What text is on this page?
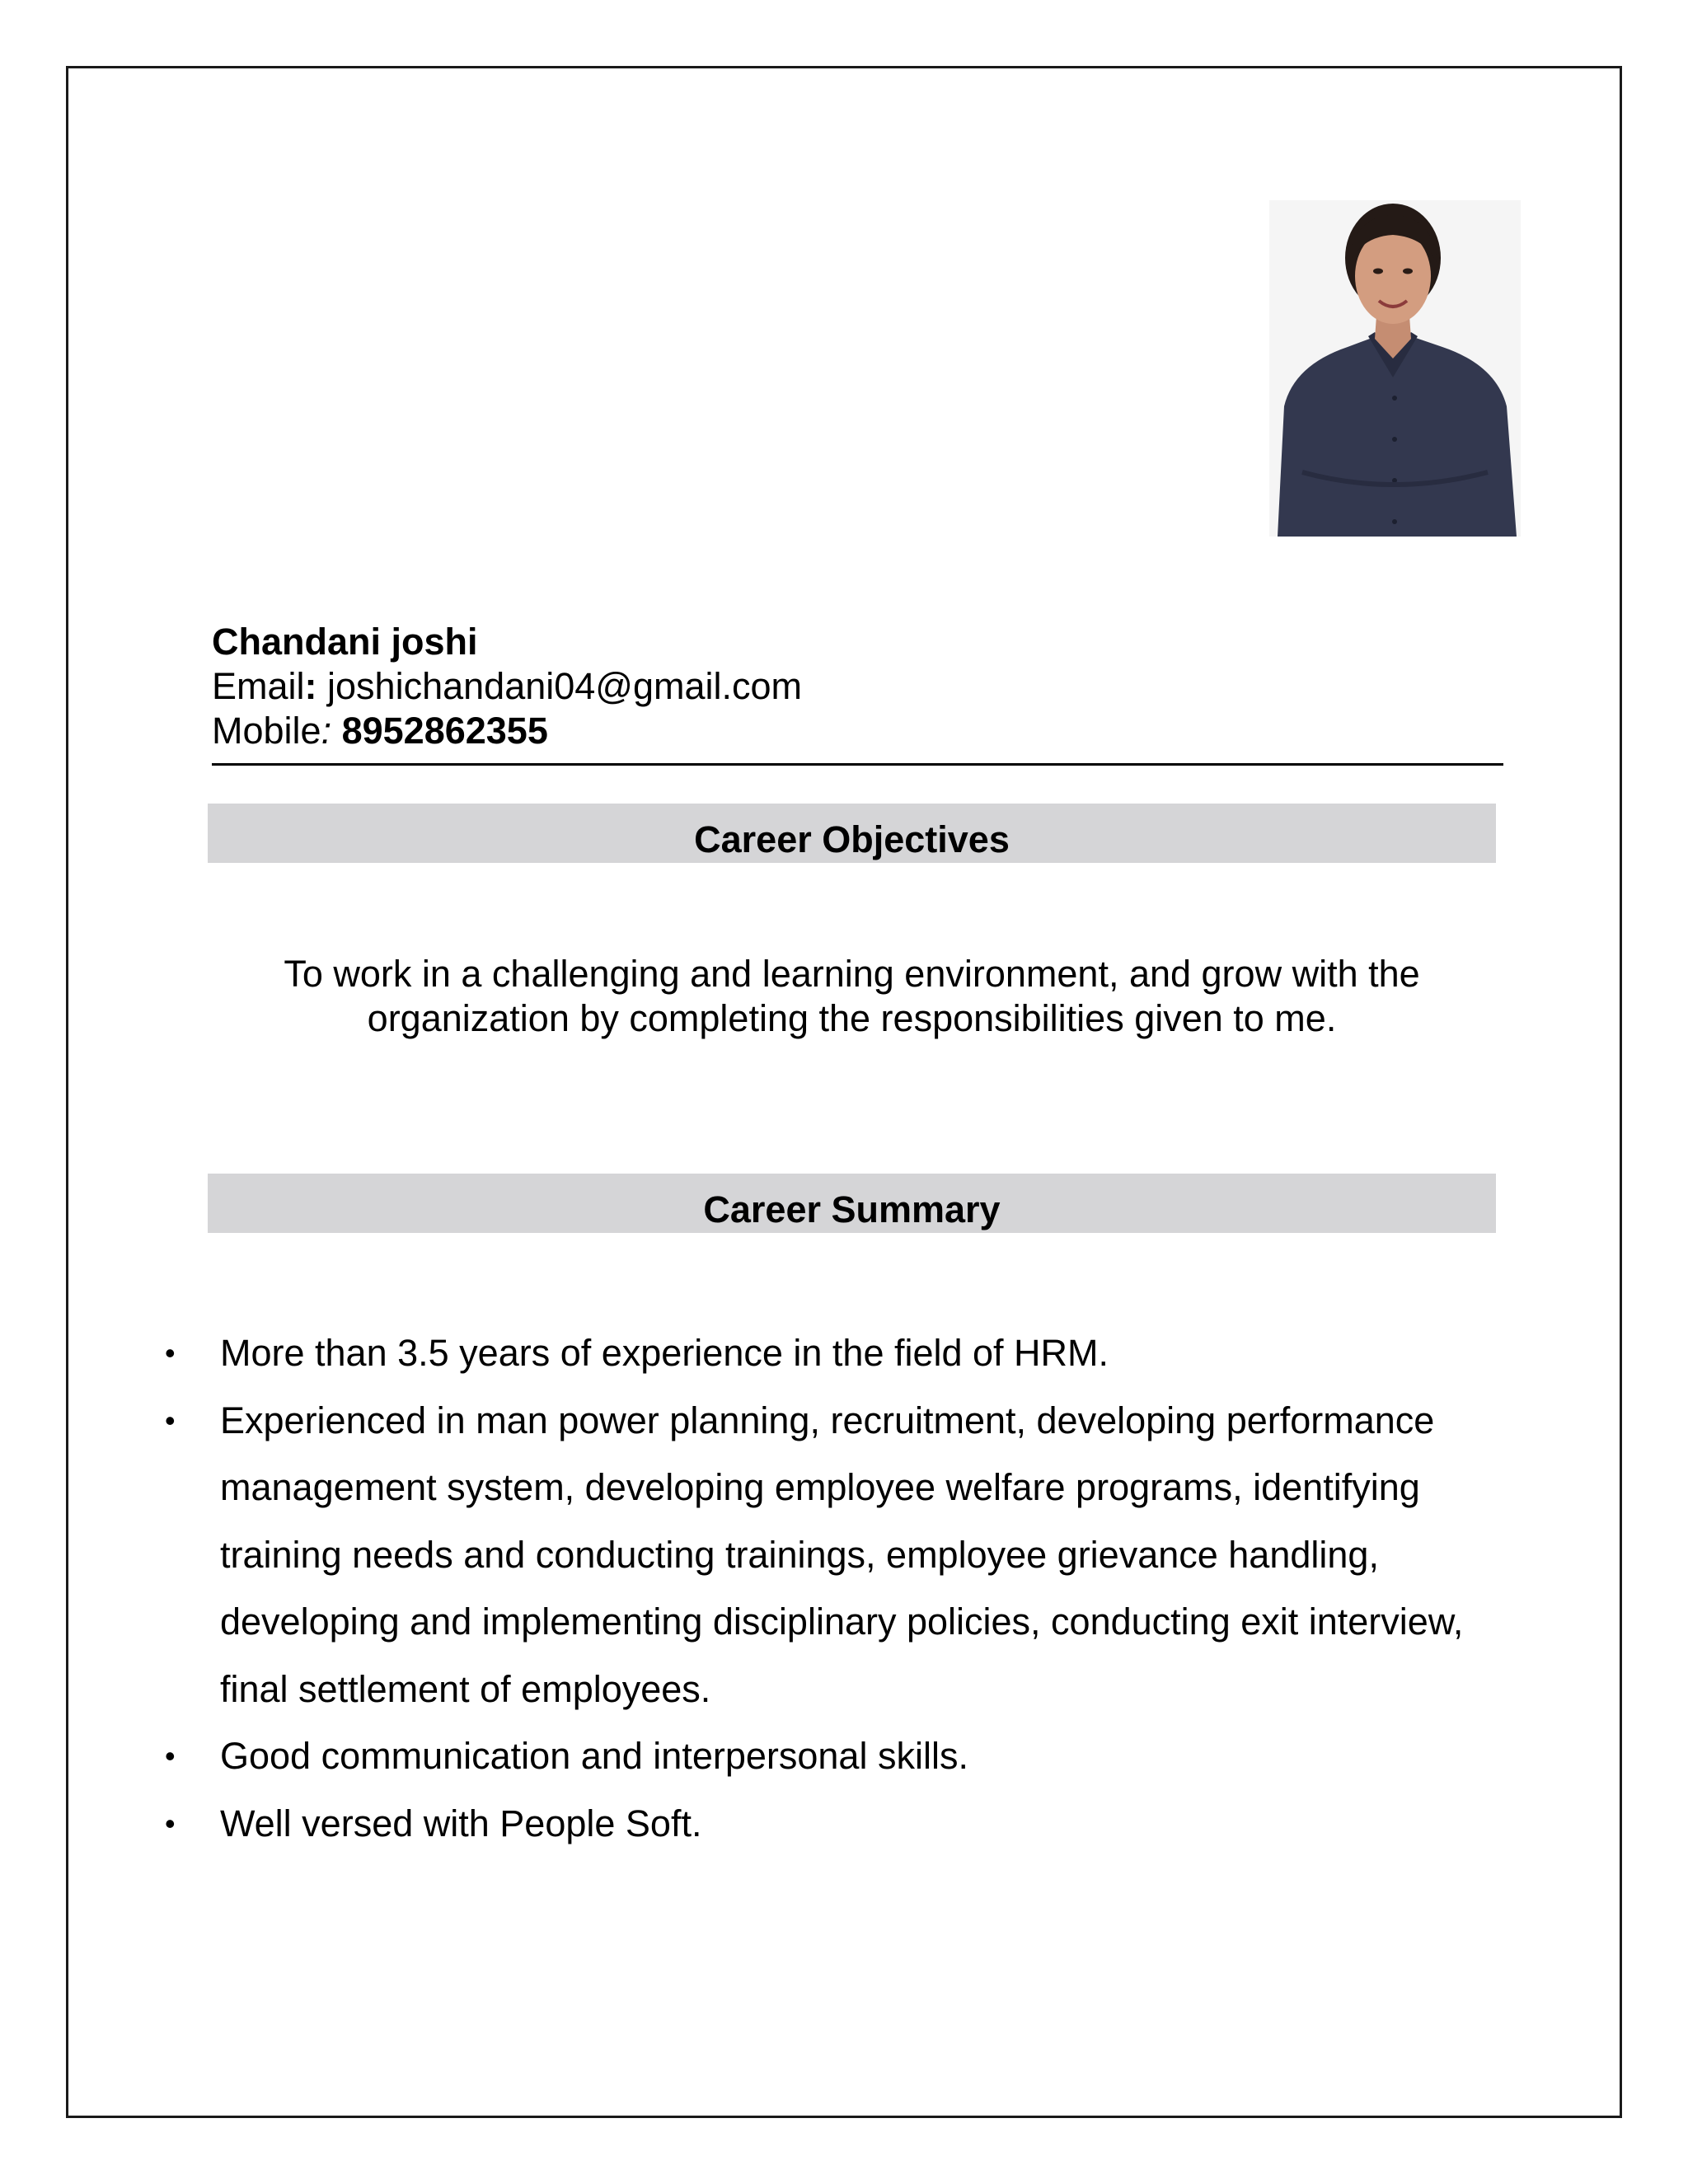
Chandani joshi
Email: joshichandani04@gmail.com
Mobile: 8952862355
Career Objectives
To work in a challenging and learning environment, and grow with the
organization by completing the responsibilities given to me.
Career Summary
• More than 3.5 years of experience in the field of HRM.
• Experienced in man power planning, recruitment, developing performance management system, developing employee welfare programs, identifying training needs and conducting trainings, employee grievance handling, developing and implementing disciplinary policies, conducting exit interview, final settlement of employees.
• Good communication and interpersonal skills.
• Well versed with People Soft.
